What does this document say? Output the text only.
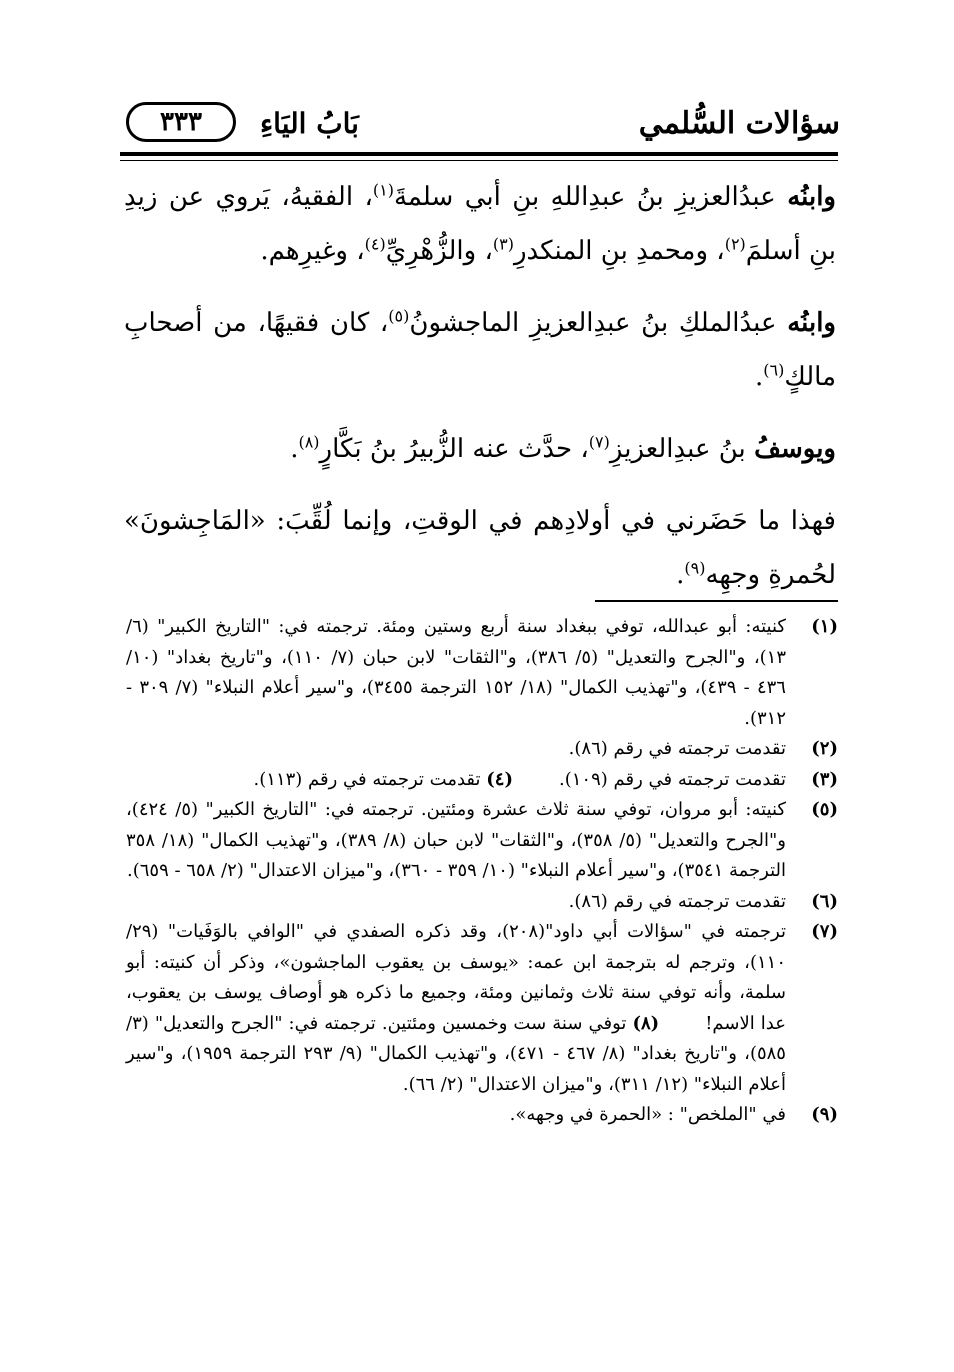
سؤالات السُّلمي
بَابُ اليَاءِ
٣٣٣

وابنُه عبدُالعزيزِ بنُ عبدِاللهِ بنِ أبي سلمةَ$^{(١)}$، الفقيهُ، يَروي عن زيدِ بنِ أسلمَ$^{(٢)}$، ومحمدِ بنِ المنكدرِ$^{(٣)}$، والزُّهْرِيِّ$^{(٤)}$، وغيرِهم.

وابنُه عبدُالملكِ بنُ عبدِالعزيزِ الماجشونُ$^{(٥)}$، كان فقيهًا، من أصحابِ مالكٍ$^{(٦)}$.

ويوسفُ بنُ عبدِالعزيزِ$^{(٧)}$، حدَّث عنه الزُّبيرُ بنُ بَكَّارٍ$^{(٨)}$.

فهذا ما حَضَرني في أولادِهم في الوقتِ، وإنما لُقِّبَ: «المَاجِشونَ» لحُمرةِ وجهِه$^{(٩)}$.

(١)
كنيته: أبو عبدالله، توفي ببغداد سنة أربع وستين ومئة. ترجمته في: "التاريخ الكبير" (٦/ ١٣)، و"الجرح والتعديل" (٥/ ٣٨٦)، و"الثقات" لابن حبان (٧/ ١١٠)، و"تاريخ بغداد" (١٠/ ٤٣٦ - ٤٣٩)، و"تهذيب الكمال" (١٨/ ١٥٢ الترجمة ٣٤٥٥)، و"سير أعلام النبلاء" (٧/ ٣٠٩ - ٣١٢).
(٢)
تقدمت ترجمته في رقم (٨٦).
(٣)
تقدمت ترجمته في رقم (١٠٩).(٤) تقدمت ترجمته في رقم (١١٣).
(٥)
كنيته: أبو مروان، توفي سنة ثلاث عشرة ومئتين. ترجمته في: "التاريخ الكبير" (٥/ ٤٢٤)، و"الجرح والتعديل" (٥/ ٣٥٨)، و"الثقات" لابن حبان (٨/ ٣٨٩)، و"تهذيب الكمال" (١٨/ ٣٥٨ الترجمة ٣٥٤١)، و"سير أعلام النبلاء" (١٠/ ٣٥٩ - ٣٦٠)، و"ميزان الاعتدال" (٢/ ٦٥٨ - ٦٥٩).
(٦)
تقدمت ترجمته في رقم (٨٦).
(٧)
ترجمته في "سؤالات أبي داود"(٢٠٨)، وقد ذكره الصفدي في "الوافي بالوَفَيات" (٢٩/ ١١٠)، وترجم له بترجمة ابن عمه: «يوسف بن يعقوب الماجشون»، وذكر أن كنيته: أبو سلمة، وأنه توفي سنة ثلاث وثمانين ومئة، وجميع ما ذكره هو أوصاف يوسف بن يعقوب، عدا الاسم!(٨) توفي سنة ست وخمسين ومئتين. ترجمته في: "الجرح والتعديل" (٣/ ٥٨٥)، و"تاريخ بغداد" (٨/ ٤٦٧ - ٤٧١)، و"تهذيب الكمال" (٩/ ٢٩٣ الترجمة ١٩٥٩)، و"سير أعلام النبلاء" (١٢/ ٣١١)، و"ميزان الاعتدال" (٢/ ٦٦).
(٩)
في "الملخص" : «الحمرة في وجهه».
